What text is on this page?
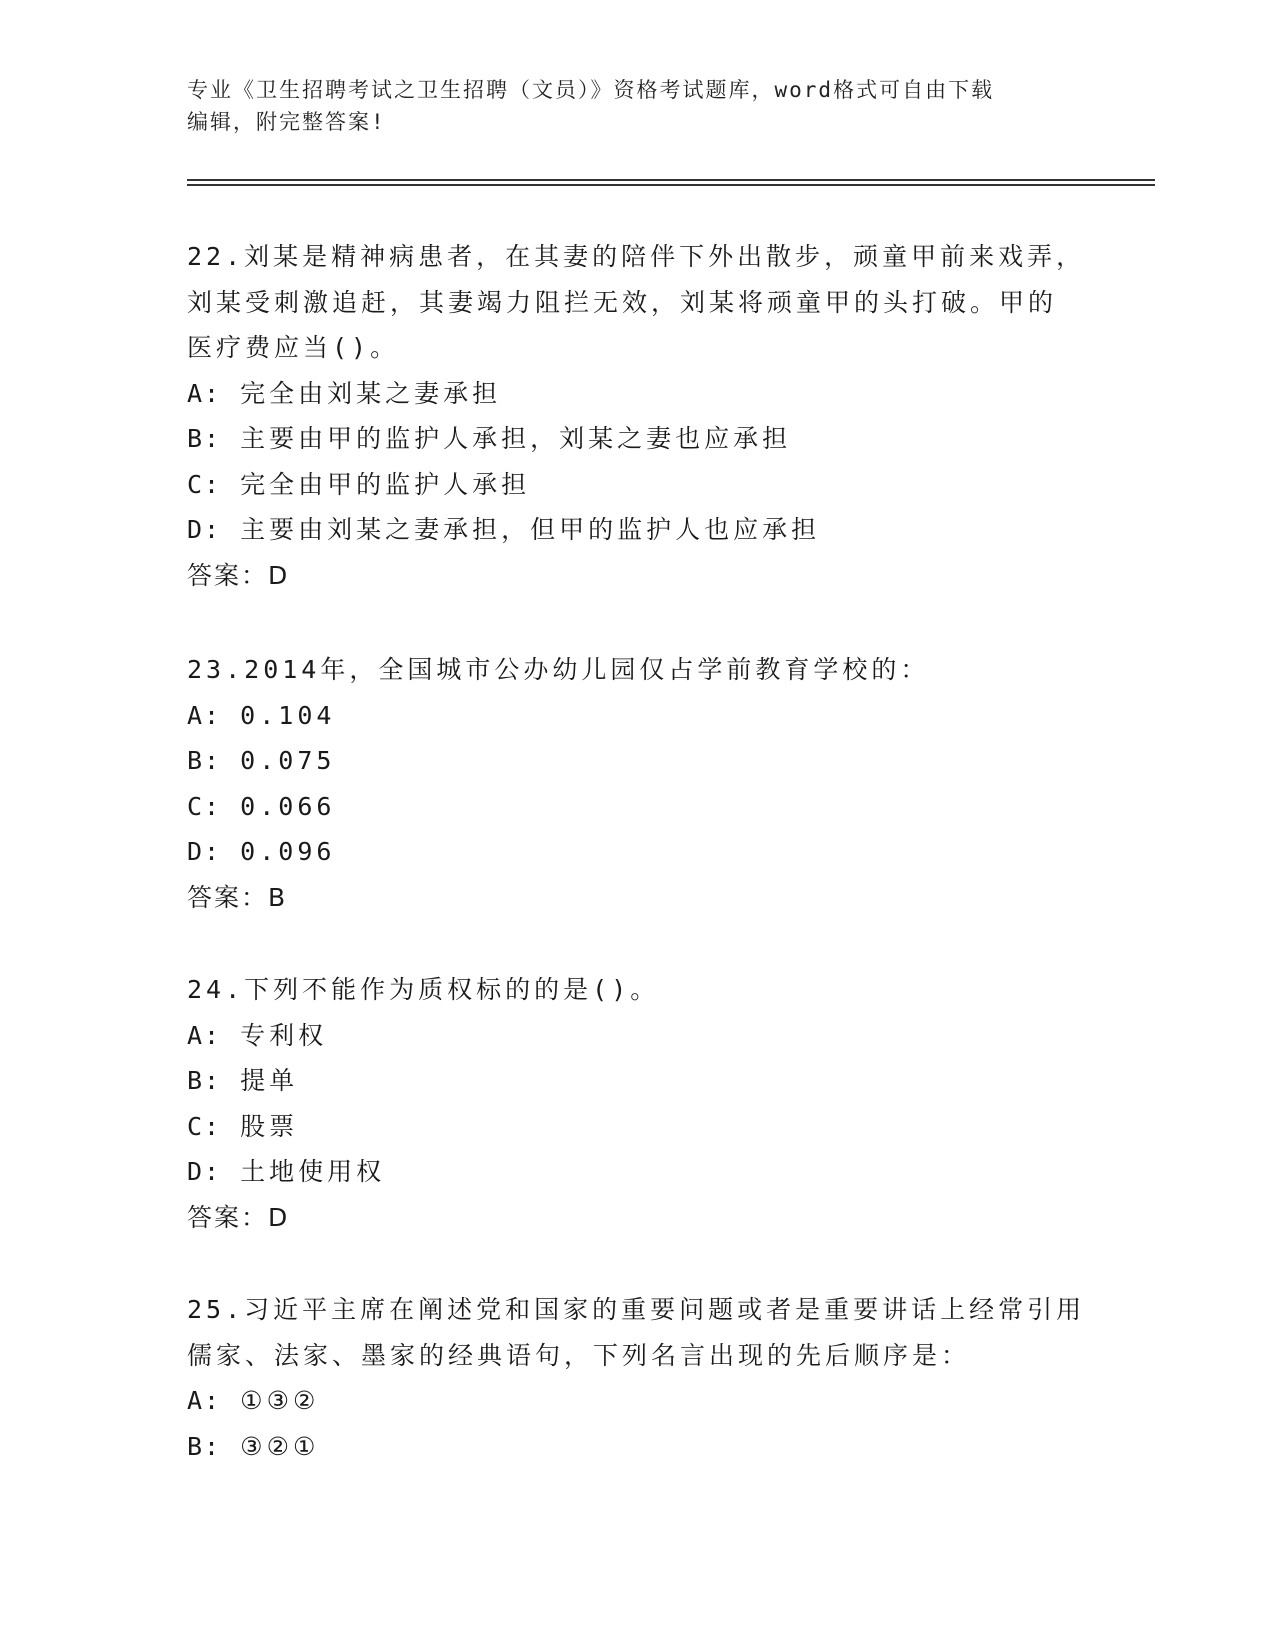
专业《卫生招聘考试之卫生招聘（文员）》资格考试题库，word格式可自由下载
编辑，附完整答案!
22.刘某是精神病患者，在其妻的陪伴下外出散步，顽童甲前来戏弄，
刘某受刺激追赶，其妻竭力阻拦无效，刘某将顽童甲的头打破。甲的
医疗费应当()。
A: 完全由刘某之妻承担
B: 主要由甲的监护人承担，刘某之妻也应承担
C: 完全由甲的监护人承担
D: 主要由刘某之妻承担，但甲的监护人也应承担
答案：D
23.2014年，全国城市公办幼儿园仅占学前教育学校的：
A: 0.104
B: 0.075
C: 0.066
D: 0.096
答案：B
24.下列不能作为质权标的的是()。
A: 专利权
B: 提单
C: 股票
D: 土地使用权
答案：D
25.习近平主席在阐述党和国家的重要问题或者是重要讲话上经常引用
儒家、法家、墨家的经典语句，下列名言出现的先后顺序是：
A: ①③②
B: ③②①
